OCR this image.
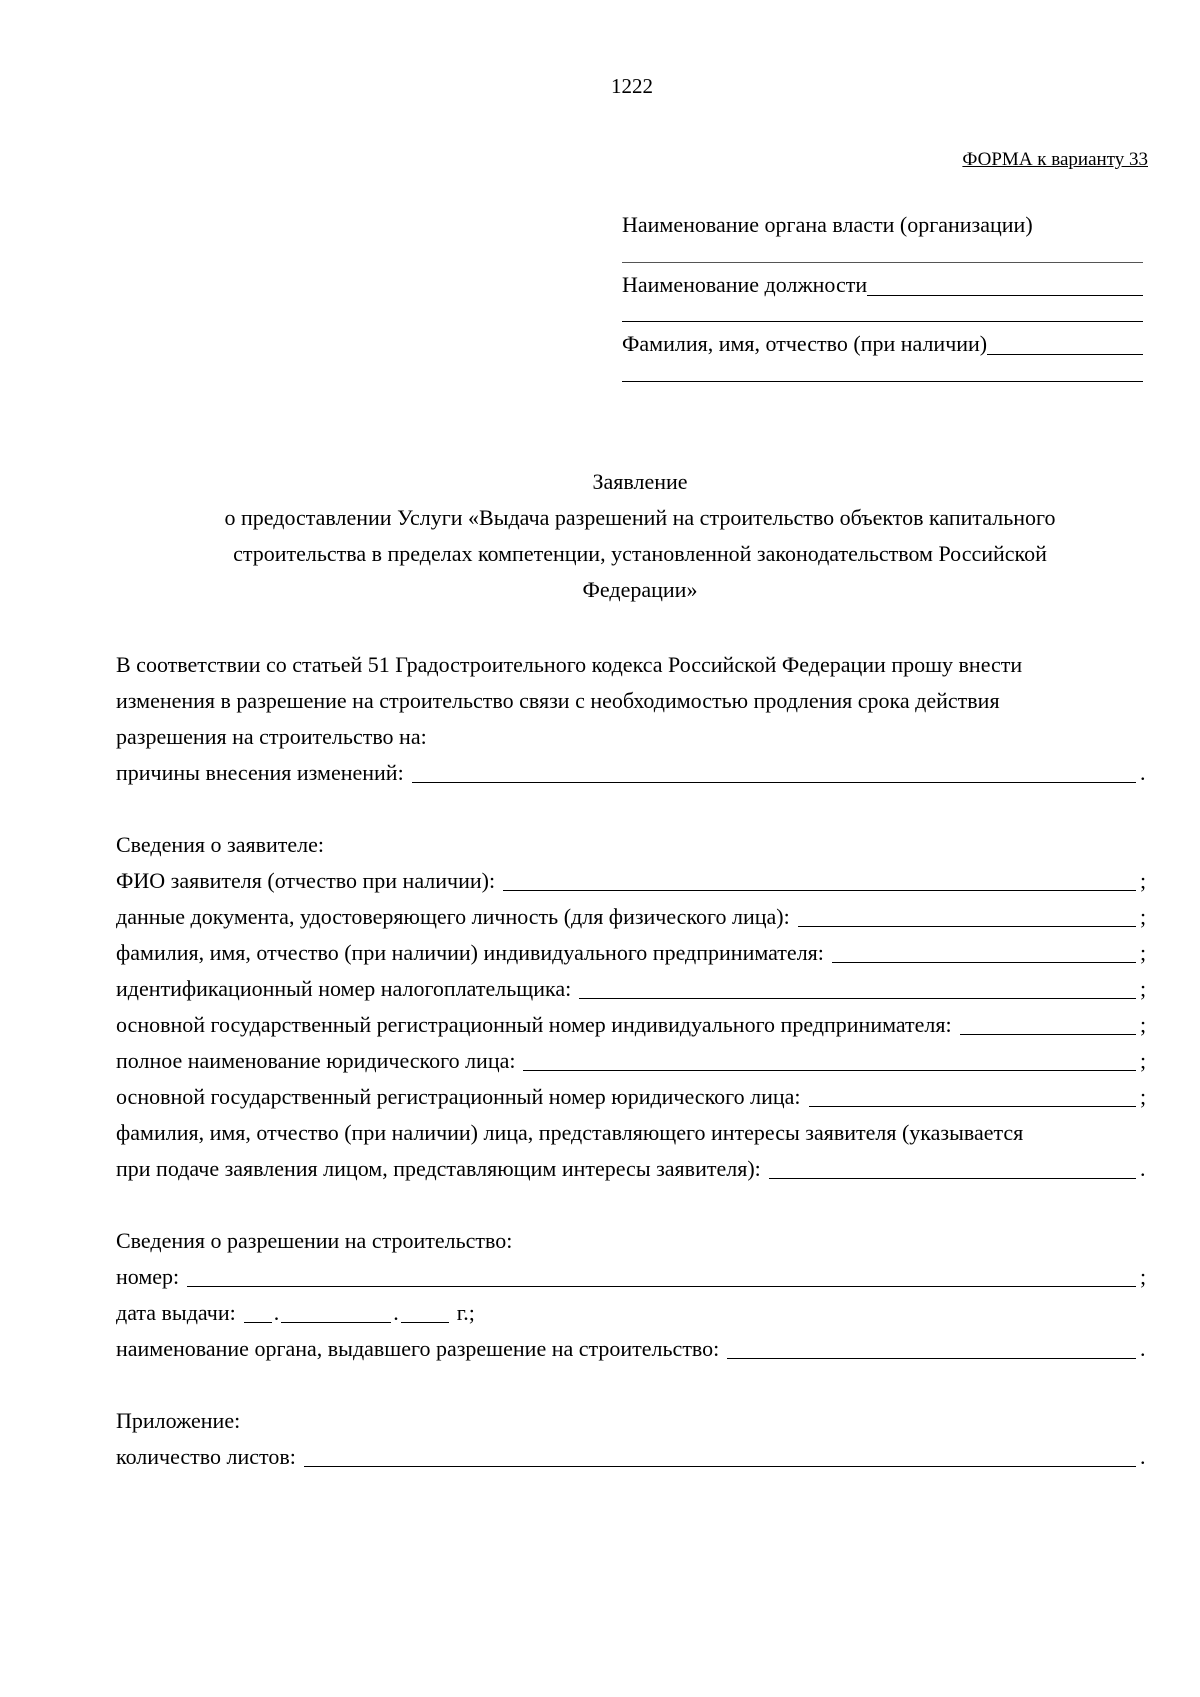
1222
ФОРМА к варианту 33
Наименование органа власти (организации)
Наименование должности
Фамилия, имя, отчество (при наличии)
Заявление
о предоставлении Услуги «Выдача разрешений на строительство объектов капитального
строительства в пределах компетенции, установленной законодательством Российской
Федерации»
В соответствии со статьей 51 Градостроительного кодекса Российской Федерации прошу внести
изменения в разрешение на строительство связи с необходимостью продления срока действия
разрешения на строительство на:
причины внесения изменений:	.
Сведения о заявителе:
ФИО заявителя (отчество при наличии):	;
данные документа, удостоверяющего личность (для физического лица):	;
фамилия, имя, отчество (при наличии) индивидуального предпринимателя:	;
идентификационный номер налогоплательщика:	;
основной государственный регистрационный номер индивидуального предпринимателя:	;
полное наименование юридического лица:	;
основной государственный регистрационный номер юридического лица:	;
фамилия, имя, отчество (при наличии) лица, представляющего интересы заявителя (указывается
при подаче заявления лицом, представляющим интересы заявителя):	.
Сведения о разрешении на строительство:
номер:	;
дата выдачи: .	.	г.;
наименование органа, выдавшего разрешение на строительство:	.
Приложение:
количество листов:	.
